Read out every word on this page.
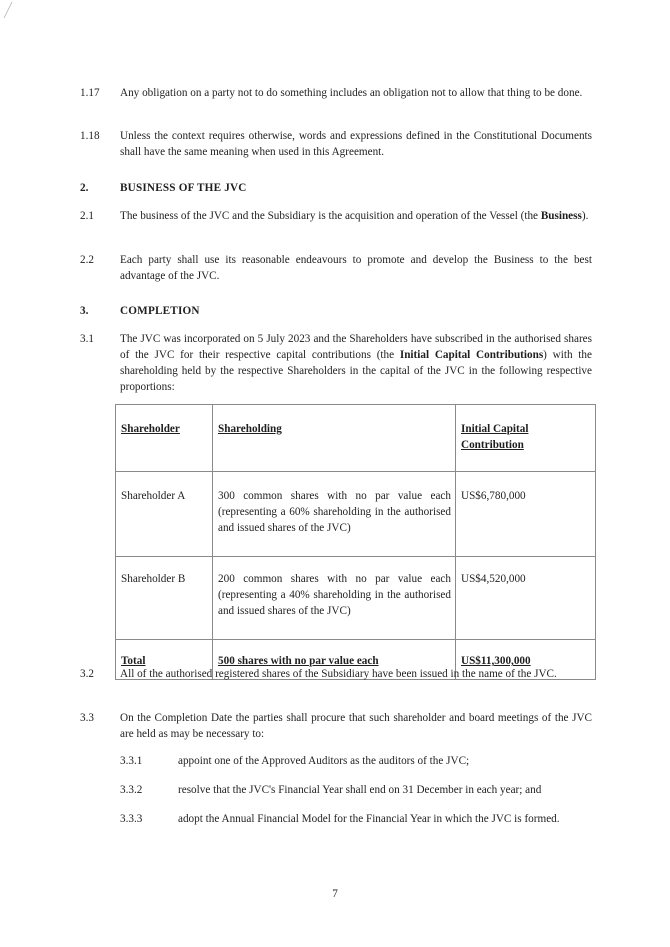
1.17	Any obligation on a party not to do something includes an obligation not to allow that thing to be done.
1.18	Unless the context requires otherwise, words and expressions defined in the Constitutional Documents shall have the same meaning when used in this Agreement.
2.	BUSINESS OF THE JVC
2.1	The business of the JVC and the Subsidiary is the acquisition and operation of the Vessel (the Business).
2.2	Each party shall use its reasonable endeavours to promote and develop the Business to the best advantage of the JVC.
3.	COMPLETION
3.1	The JVC was incorporated on 5 July 2023 and the Shareholders have subscribed in the authorised shares of the JVC for their respective capital contributions (the Initial Capital Contributions) with the shareholding held by the respective Shareholders in the capital of the JVC in the following respective proportions:
Shareholder	Shareholding	Initial Capital Contribution
Shareholder A	300 common shares with no par value each (representing a 60% shareholding in the authorised and issued shares of the JVC)	US$6,780,000
Shareholder B	200 common shares with no par value each (representing a 40% shareholding in the authorised and issued shares of the JVC)	US$4,520,000
Total	500 shares with no par value each	US$11,300,000
3.2	All of the authorised registered shares of the Subsidiary have been issued in the name of the JVC.
3.3	On the Completion Date the parties shall procure that such shareholder and board meetings of the JVC are held as may be necessary to:
3.3.1	appoint one of the Approved Auditors as the auditors of the JVC;
3.3.2	resolve that the JVC's Financial Year shall end on 31 December in each year; and
3.3.3	adopt the Annual Financial Model for the Financial Year in which the JVC is formed.
7
